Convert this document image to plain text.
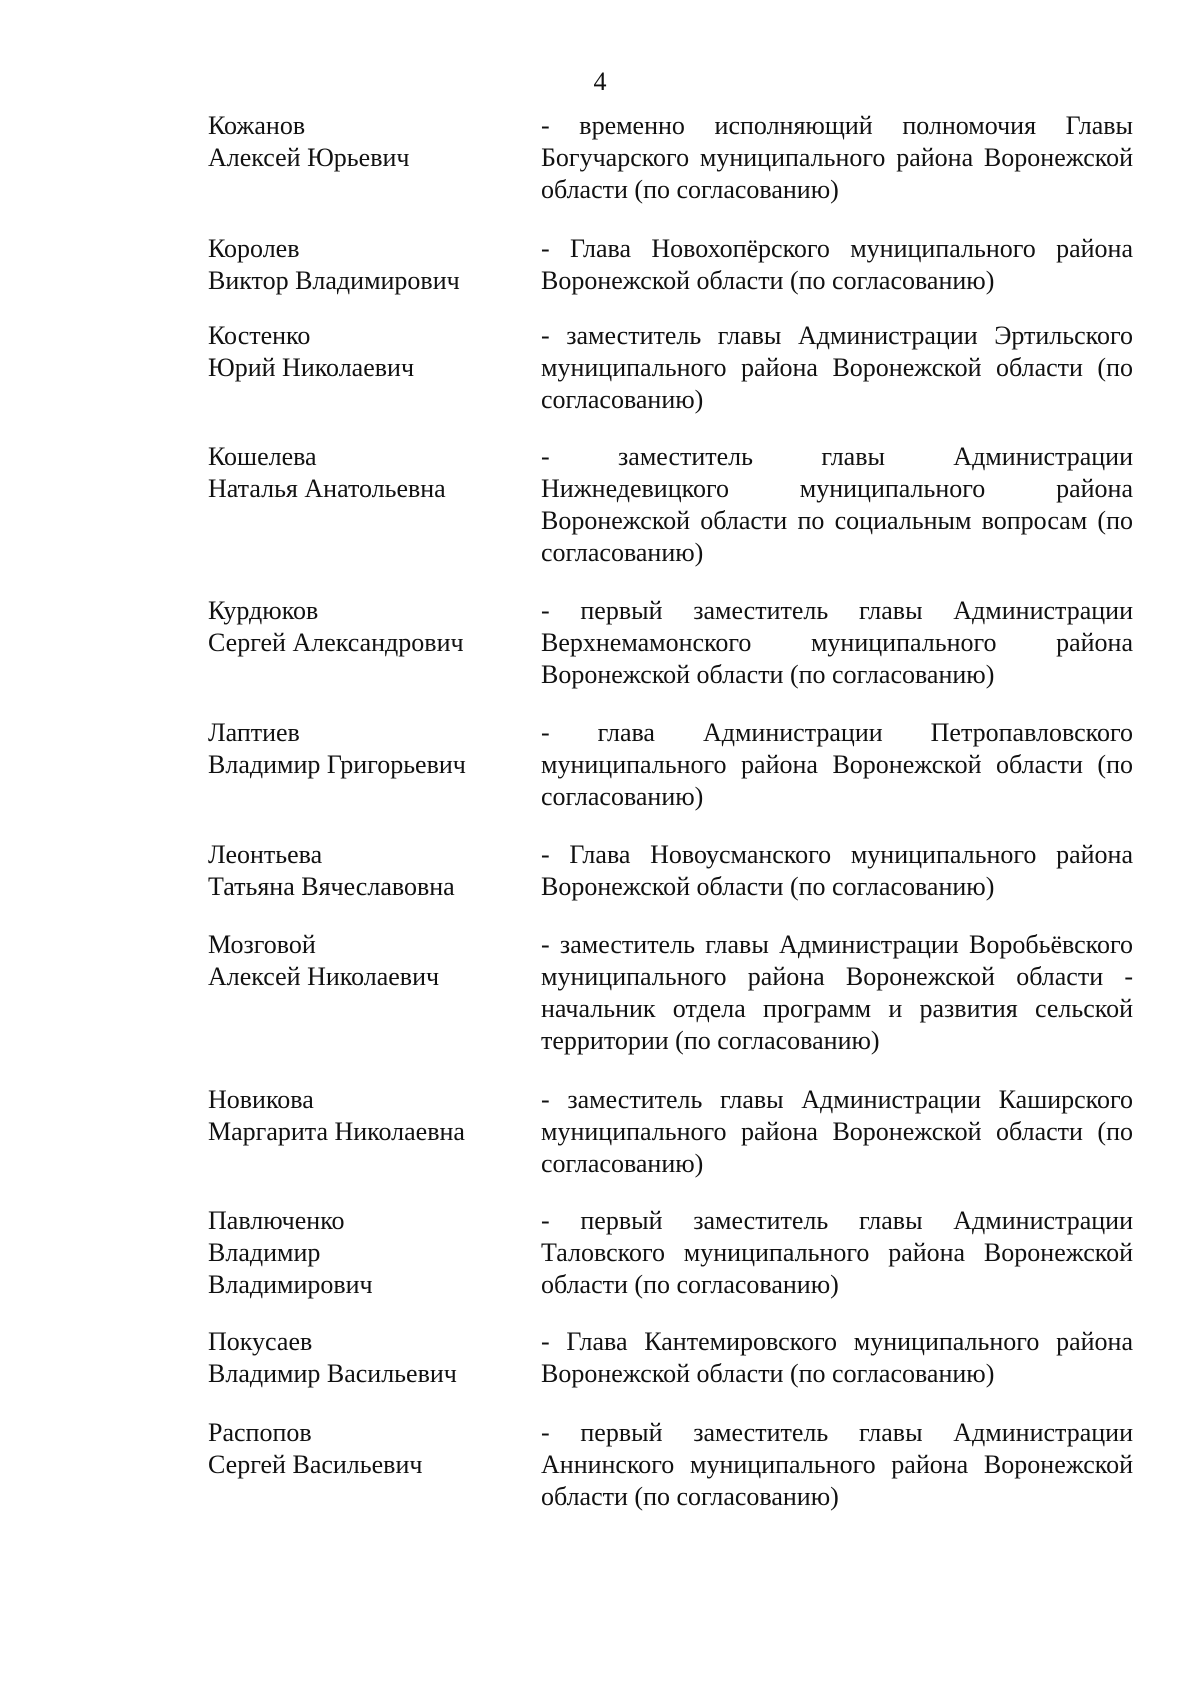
4
Кожанов
Алексей Юрьевич
- временно исполняющий полномочия Главы Богучарского муниципального района Воронежской области (по согласованию)
Королев
Виктор Владимирович
- Глава Новохопёрского муниципального района Воронежской области (по согласованию)
Костенко
Юрий Николаевич
- заместитель главы Администрации Эртильского муниципального района Воронежской области (по согласованию)
Кошелева
Наталья Анатольевна
- заместитель главы Администрации Нижнедевицкого муниципального района Воронежской области по социальным вопросам (по согласованию)
Курдюков
Сергей Александрович
- первый заместитель главы Администрации Верхнемамонского муниципального района Воронежской области (по согласованию)
Лаптиев
Владимир Григорьевич
- глава Администрации Петропавловского муниципального района Воронежской области (по согласованию)
Леонтьева
Татьяна Вячеславовна
- Глава Новоусманского муниципального района Воронежской области (по согласованию)
Мозговой
Алексей Николаевич
- заместитель главы Администрации Воробьёвского муниципального района Воронежской области - начальник отдела программ и развития сельской территории (по согласованию)
Новикова
Маргарита Николаевна
- заместитель главы Администрации Каширского муниципального района Воронежской области (по согласованию)
Павлюченко
Владимир
Владимирович
- первый заместитель главы Администрации Таловского муниципального района Воронежской области (по согласованию)
Покусаев
Владимир Васильевич
- Глава Кантемировского муниципального района Воронежской области (по согласованию)
Распопов
Сергей Васильевич
- первый заместитель главы Администрации Аннинского муниципального района Воронежской области (по согласованию)
